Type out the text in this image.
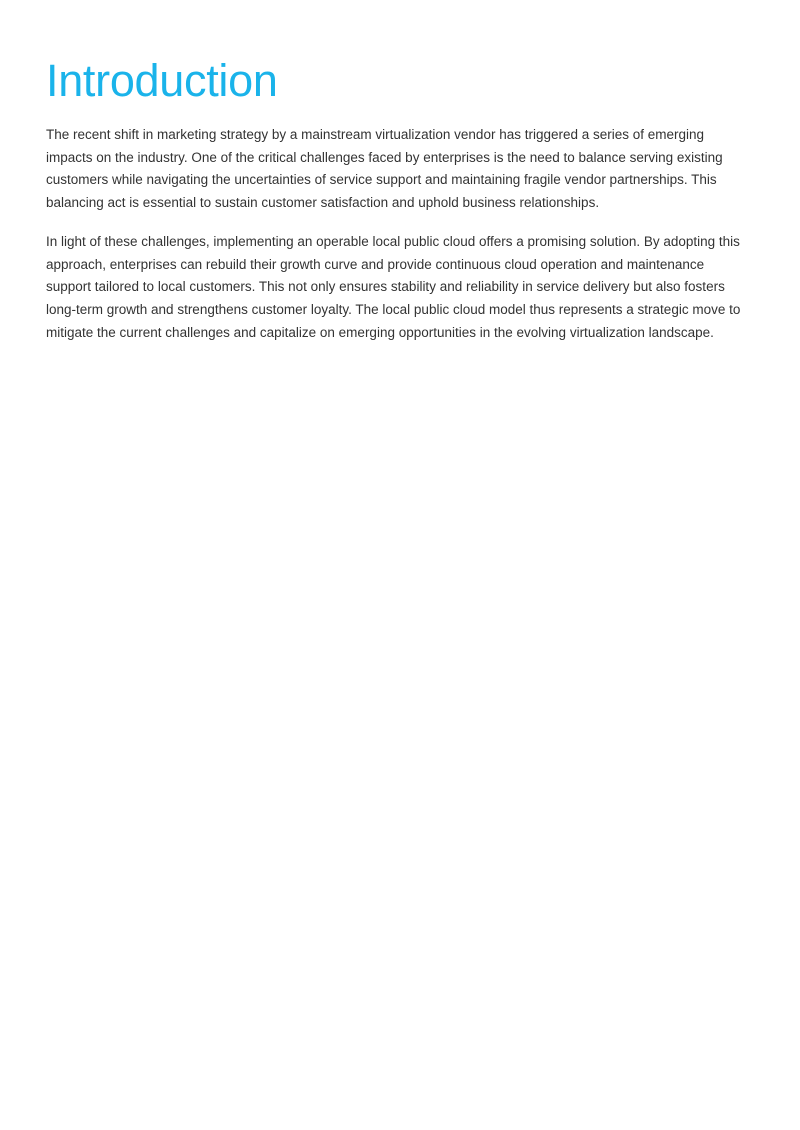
Introduction

The recent shift in marketing strategy by a mainstream virtualization vendor has triggered a series of emerging impacts on the industry. One of the critical challenges faced by enterprises is the need to balance serving existing customers while navigating the uncertainties of service support and maintaining fragile vendor partnerships. This balancing act is essential to sustain customer satisfaction and uphold business relationships.

In light of these challenges, implementing an operable local public cloud offers a promising solution. By adopting this approach, enterprises can rebuild their growth curve and provide continuous cloud operation and maintenance support tailored to local customers. This not only ensures stability and reliability in service delivery but also fosters long-term growth and strengthens customer loyalty. The local public cloud model thus represents a strategic move to mitigate the current challenges and capitalize on emerging opportunities in the evolving virtualization landscape.
